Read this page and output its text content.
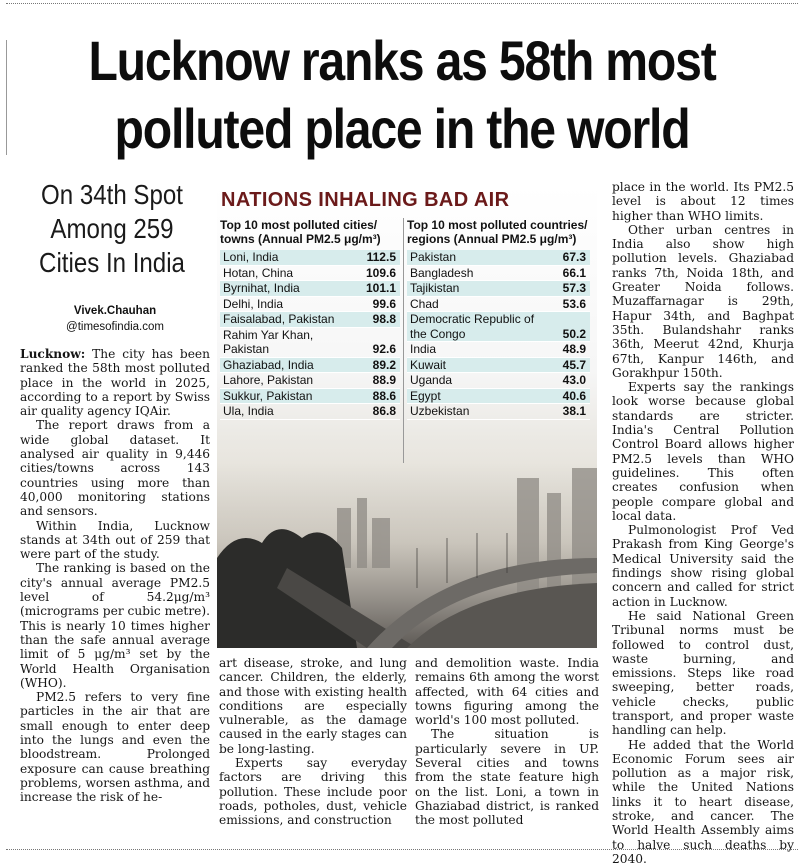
Lucknow ranks as 58th most
polluted place in the world
On 34th Spot
Among 259
Cities In India
Vivek.Chauhan
@timesofindia.com

Lucknow: The city has been ranked the 58th most polluted place in the world in 2025, according to a report by Swiss air quality agency IQAir.

The report draws from a wide global dataset. It analysed air quality in 9,446 cities/towns across 143 countries using more than 40,000 monitoring stations and sensors.

Within India, Lucknow stands at 34th out of 259 that were part of the study.

The ranking is based on the city's annual average PM2.5 level of 54.2μg/m³ (micrograms per cubic metre). This is nearly 10 times higher than the safe annual average limit of 5 μg/m³ set by the World Health Organisation (WHO).

PM2.5 refers to very fine particles in the air that are small enough to enter deep into the lungs and even the bloodstream. Prolonged exposure can cause breathing problems, worsen asthma, and increase the risk of he-

NATIONS INHALING BAD AIR
Top 10 most polluted cities/ towns (Annual PM2.5 μg/m³)
Loni, India	112.5
Hotan, China	109.6
Byrnihat, India	101.1
Delhi, India	99.6
Faisalabad, Pakistan	98.8
Rahim Yar Khan, Pakistan	92.6
Ghaziabad, India	89.2
Lahore, Pakistan	88.9
Sukkur, Pakistan	88.6
Ula, India	86.8
Top 10 most polluted countries/ regions (Annual PM2.5 μg/m³)
Pakistan	67.3
Bangladesh	66.1
Tajikistan	57.3
Chad	53.6
Democratic Republic of the Congo	50.2
India	48.9
Kuwait	45.7
Uganda	43.0
Egypt	40.6
Uzbekistan	38.1

art disease, stroke, and lung cancer. Children, the elderly, and those with existing health conditions are especially vulnerable, as the damage caused in the early stages can be long-lasting.

Experts say everyday factors are driving this pollution. These include poor roads, potholes, dust, vehicle emissions, and construction

and demolition waste. India remains 6th among the worst affected, with 64 cities and towns figuring among the world's 100 most polluted.

The situation is particularly severe in UP. Several cities and towns from the state feature high on the list. Loni, a town in Ghaziabad district, is ranked the most polluted

place in the world. Its PM2.5 level is about 12 times higher than WHO limits.

Other urban centres in India also show high pollution levels. Ghaziabad ranks 7th, Noida 18th, and Greater Noida follows. Muzaffarnagar is 29th, Hapur 34th, and Baghpat 35th. Bulandshahr ranks 36th, Meerut 42nd, Khurja 67th, Kanpur 146th, and Gorakhpur 150th.

Experts say the rankings look worse because global standards are stricter. India's Central Pollution Control Board allows higher PM2.5 levels than WHO guidelines. This often creates confusion when people compare global and local data.

Pulmonologist Prof Ved Prakash from King George's Medical University said the findings show rising global concern and called for strict action in Lucknow.

He said National Green Tribunal norms must be followed to control dust, waste burning, and emissions. Steps like road sweeping, better roads, vehicle checks, public transport, and proper waste handling can help.

He added that the World Economic Forum sees air pollution as a major risk, while the United Nations links it to heart disease, stroke, and cancer. The World Health Assembly aims to halve such deaths by 2040.
